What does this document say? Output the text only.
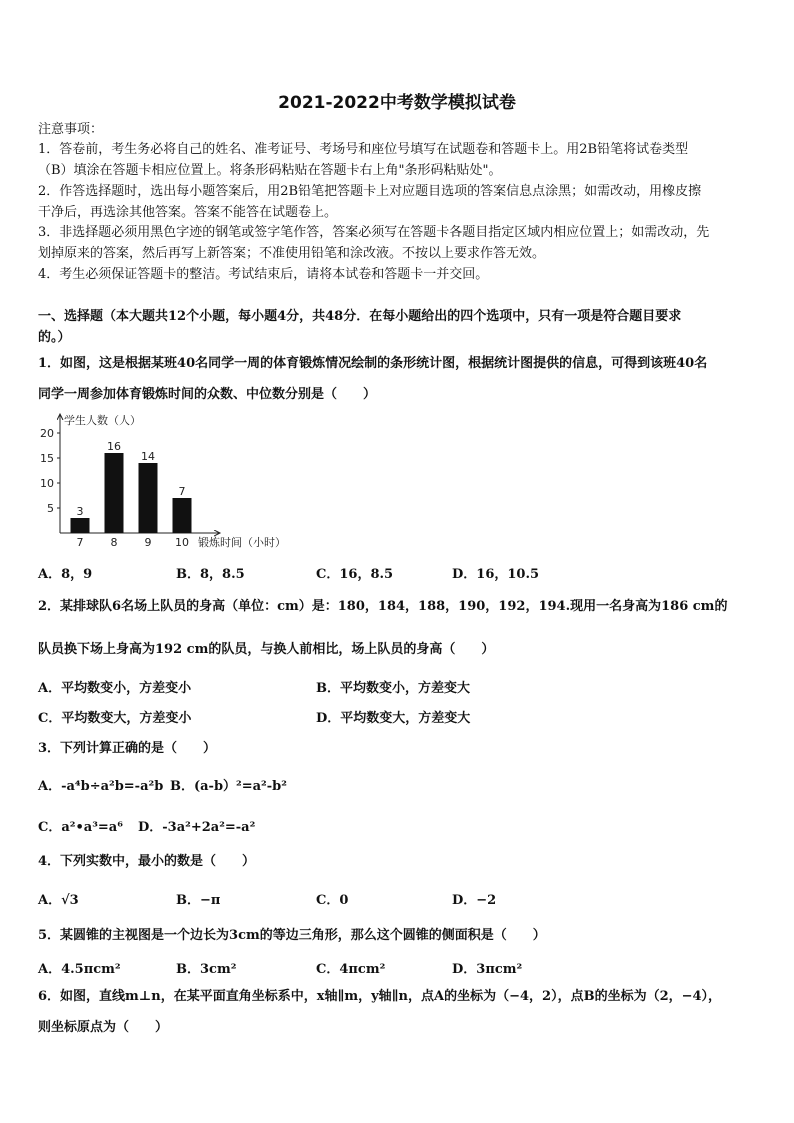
2021-2022中考数学模拟试卷
注意事项：
1．答卷前，考生务必将自己的姓名、准考证号、考场号和座位号填写在试题卷和答题卡上。用2B铅笔将试卷类型
（B）填涂在答题卡相应位置上。将条形码粘贴在答题卡右上角"条形码粘贴处"。
2．作答选择题时，选出每小题答案后，用2B铅笔把答题卡上对应题目选项的答案信息点涂黑；如需改动，用橡皮擦
干净后，再选涂其他答案。答案不能答在试题卷上。
3．非选择题必须用黑色字迹的钢笔或签字笔作答，答案必须写在答题卡各题目指定区域内相应位置上；如需改动，先
划掉原来的答案，然后再写上新答案；不准使用铅笔和涂改液。不按以上要求作答无效。
4．考生必须保证答题卡的整洁。考试结束后，请将本试卷和答题卡一并交回。
一、选择题（本大题共12个小题，每小题4分，共48分．在每小题给出的四个选项中，只有一项是符合题目要求
的。）
1．如图，这是根据某班40名同学一周的体育锻炼情况绘制的条形统计图，根据统计图提供的信息，可得到该班40名
同学一周参加体育锻炼时间的众数、中位数分别是（　　）
学生人数（人）
锻炼时间（小时）
5
10
15
20
3
7
16
8
14
9
7
10
A．8，9	B．8，8.5	C．16，8.5	D．16，10.5
2．某排球队6名场上队员的身高（单位：cm）是：180，184，188，190，192，194.现用一名身高为186 cm的
队员换下场上身高为192 cm的队员，与换人前相比，场上队员的身高（　　）
A．平均数变小，方差变小	B．平均数变小，方差变大
C．平均数变大，方差变小	D．平均数变大，方差变大
3．下列计算正确的是（　　）
A．-a⁴b÷a²b=-a²b B．(a-b）²=a²-b²
C．a²•a³=a⁶ D．-3a²+2a²=-a²
4．下列实数中，最小的数是（　　）
A．√3	B．−π	C．0	D．−2
5．某圆锥的主视图是一个边长为3cm的等边三角形，那么这个圆锥的侧面积是（　　）
A．4.5πcm²	B．3cm²	C．4πcm²	D．3πcm²
6．如图，直线m⊥n，在某平面直角坐标系中，x轴∥m，y轴∥n，点A的坐标为（−4，2），点B的坐标为（2，−4），
则坐标原点为（　　）
